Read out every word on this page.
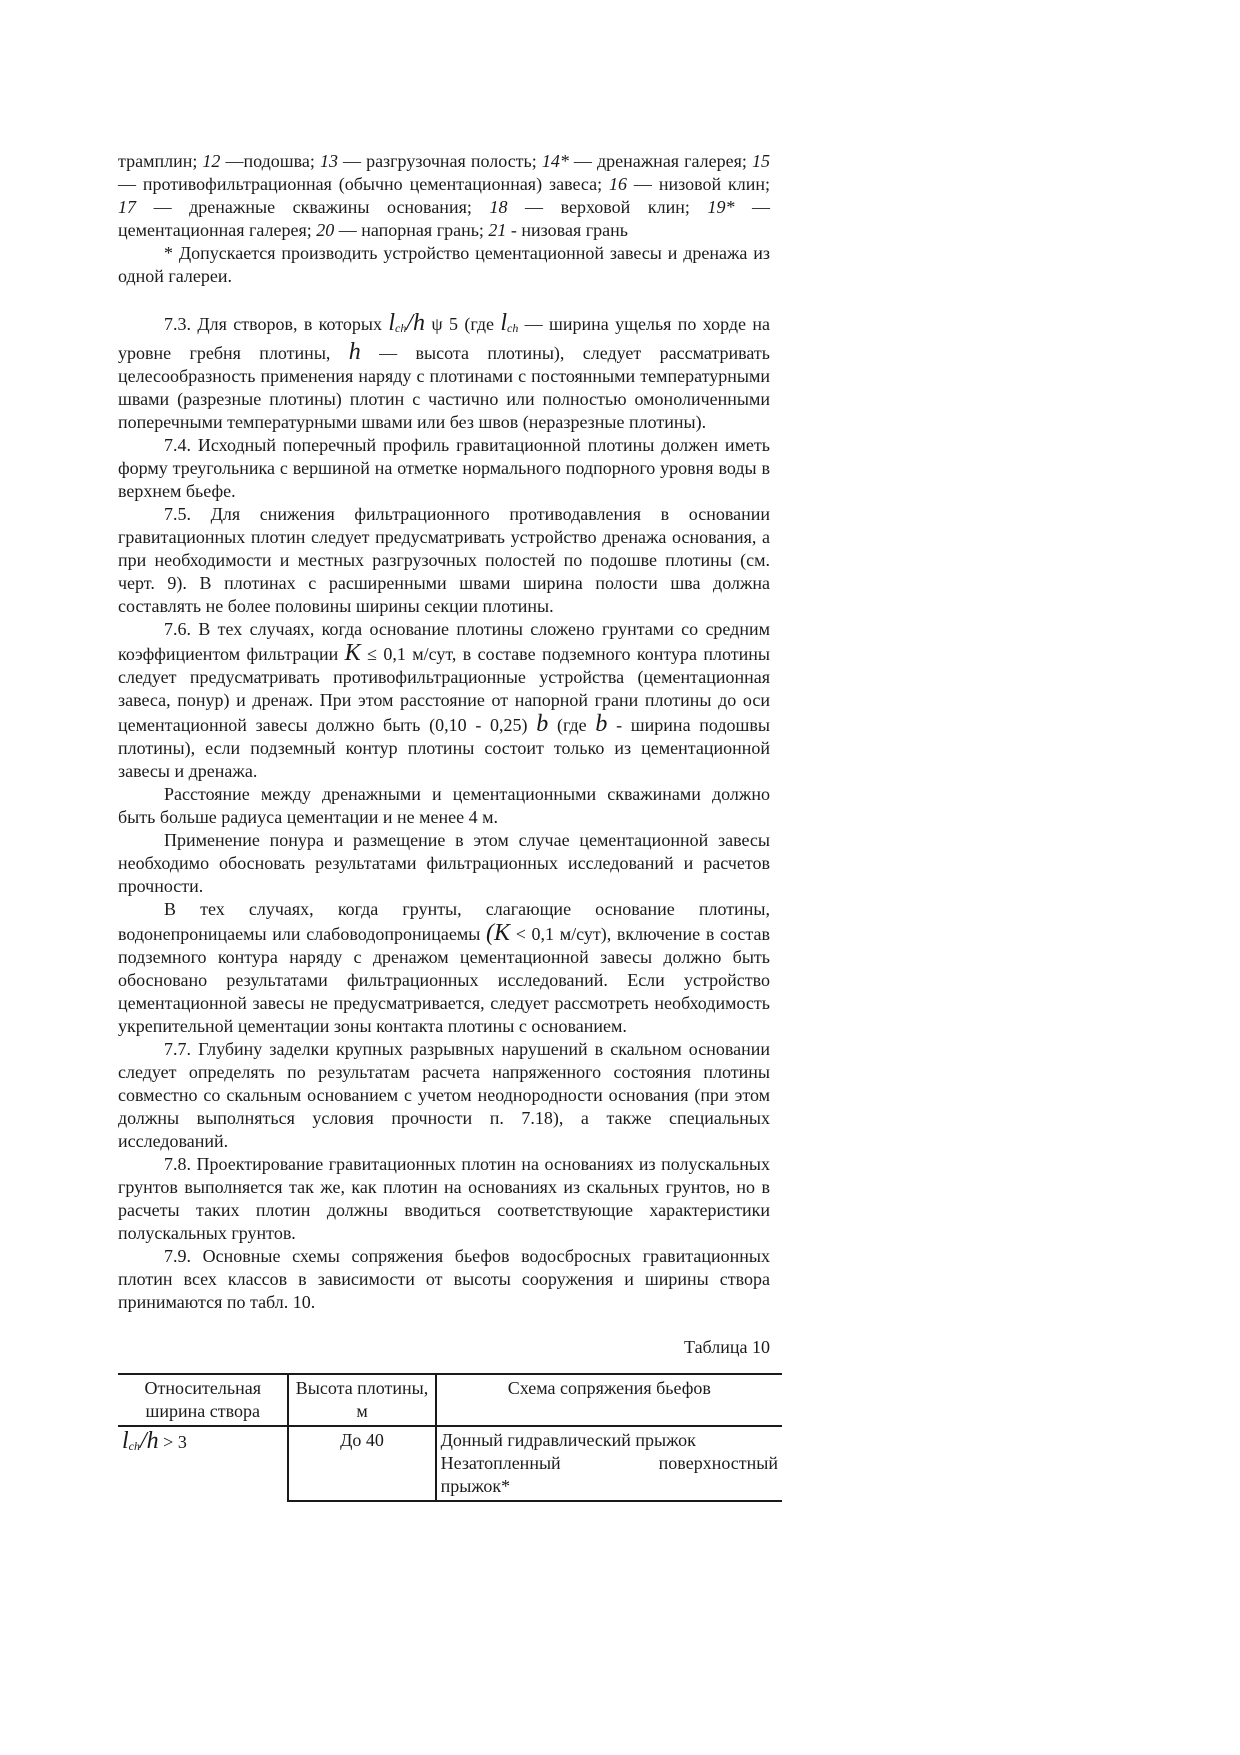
трамплин; 12 —подошва; 13 — разгрузочная полость; 14* — дренажная галерея; 15 — противофильтрационная (обычно цементационная) завеса; 16 — низовой клин; 17 — дренажные скважины основания; 18 — верховой клин; 19* — цементационная галерея; 20 — напорная грань; 21 - низовая грань

* Допускается производить устройство цементационной завесы и дренажа из одной галереи.

7.3. Для створов, в которых lch/h ψ 5 (где lch — ширина ущелья по хорде на уровне гребня плотины, h — высота плотины), следует рассматривать целесообразность применения наряду с плотинами с постоянными температурными швами (разрезные плотины) плотин с частично или полностью омоноличенными поперечными температурными швами или без швов (неразрезные плотины).

7.4. Исходный поперечный профиль гравитационной плотины должен иметь форму треугольника с вершиной на отметке нормального подпорного уровня воды в верхнем бьефе.

7.5. Для снижения фильтрационного противодавления в основании гравитационных плотин следует предусматривать устройство дренажа основания, а при необходимости и местных разгрузочных полостей по подошве плотины (см. черт. 9). В плотинах с расширенными швами ширина полости шва должна составлять не более половины ширины секции плотины.

7.6. В тех случаях, когда основание плотины сложено грунтами со средним коэффициентом фильтрации K ≤ 0,1 м/сут, в составе подземного контура плотины следует предусматривать противофильтрационные устройства (цементационная завеса, понур) и дренаж. При этом расстояние от напорной грани плотины до оси цементационной завесы должно быть (0,10 - 0,25) b (где b - ширина подошвы плотины), если подземный контур плотины состоит только из цементационной завесы и дренажа.

Расстояние между дренажными и цементационными скважинами должно быть больше радиуса цементации и не менее 4 м.

Применение понура и размещение в этом случае цементационной завесы необходимо обосновать результатами фильтрационных исследований и расчетов прочности.

В тех случаях, когда грунты, слагающие основание плотины, водонепроницаемы или слабоводопроницаемы (K < 0,1 м/сут), включение в состав подземного контура наряду с дренажом цементационной завесы должно быть обосновано результатами фильтрационных исследований. Если устройство цементационной завесы не предусматривается, следует рассмотреть необходимость укрепительной цементации зоны контакта плотины с основанием.

7.7. Глубину заделки крупных разрывных нарушений в скальном основании следует определять по результатам расчета напряженного состояния плотины совместно со скальным основанием с учетом неоднородности основания (при этом должны выполняться условия прочности п. 7.18), а также специальных исследований.

7.8. Проектирование гравитационных плотин на основаниях из полускальных грунтов выполняется так же, как плотин на основаниях из скальных грунтов, но в расчеты таких плотин должны вводиться соответствующие характеристики полускальных грунтов.

7.9. Основные схемы сопряжения бьефов водосбросных гравитационных плотин всех классов в зависимости от высоты сооружения и ширины створа принимаются по табл. 10.

Таблица 10

Относительная ширина створа	Высота плотины, м	Схема сопряжения бьефов
lch/h > 3	До 40	Донный гидравлический прыжок
Незатопленный поверхностный
прыжок*
